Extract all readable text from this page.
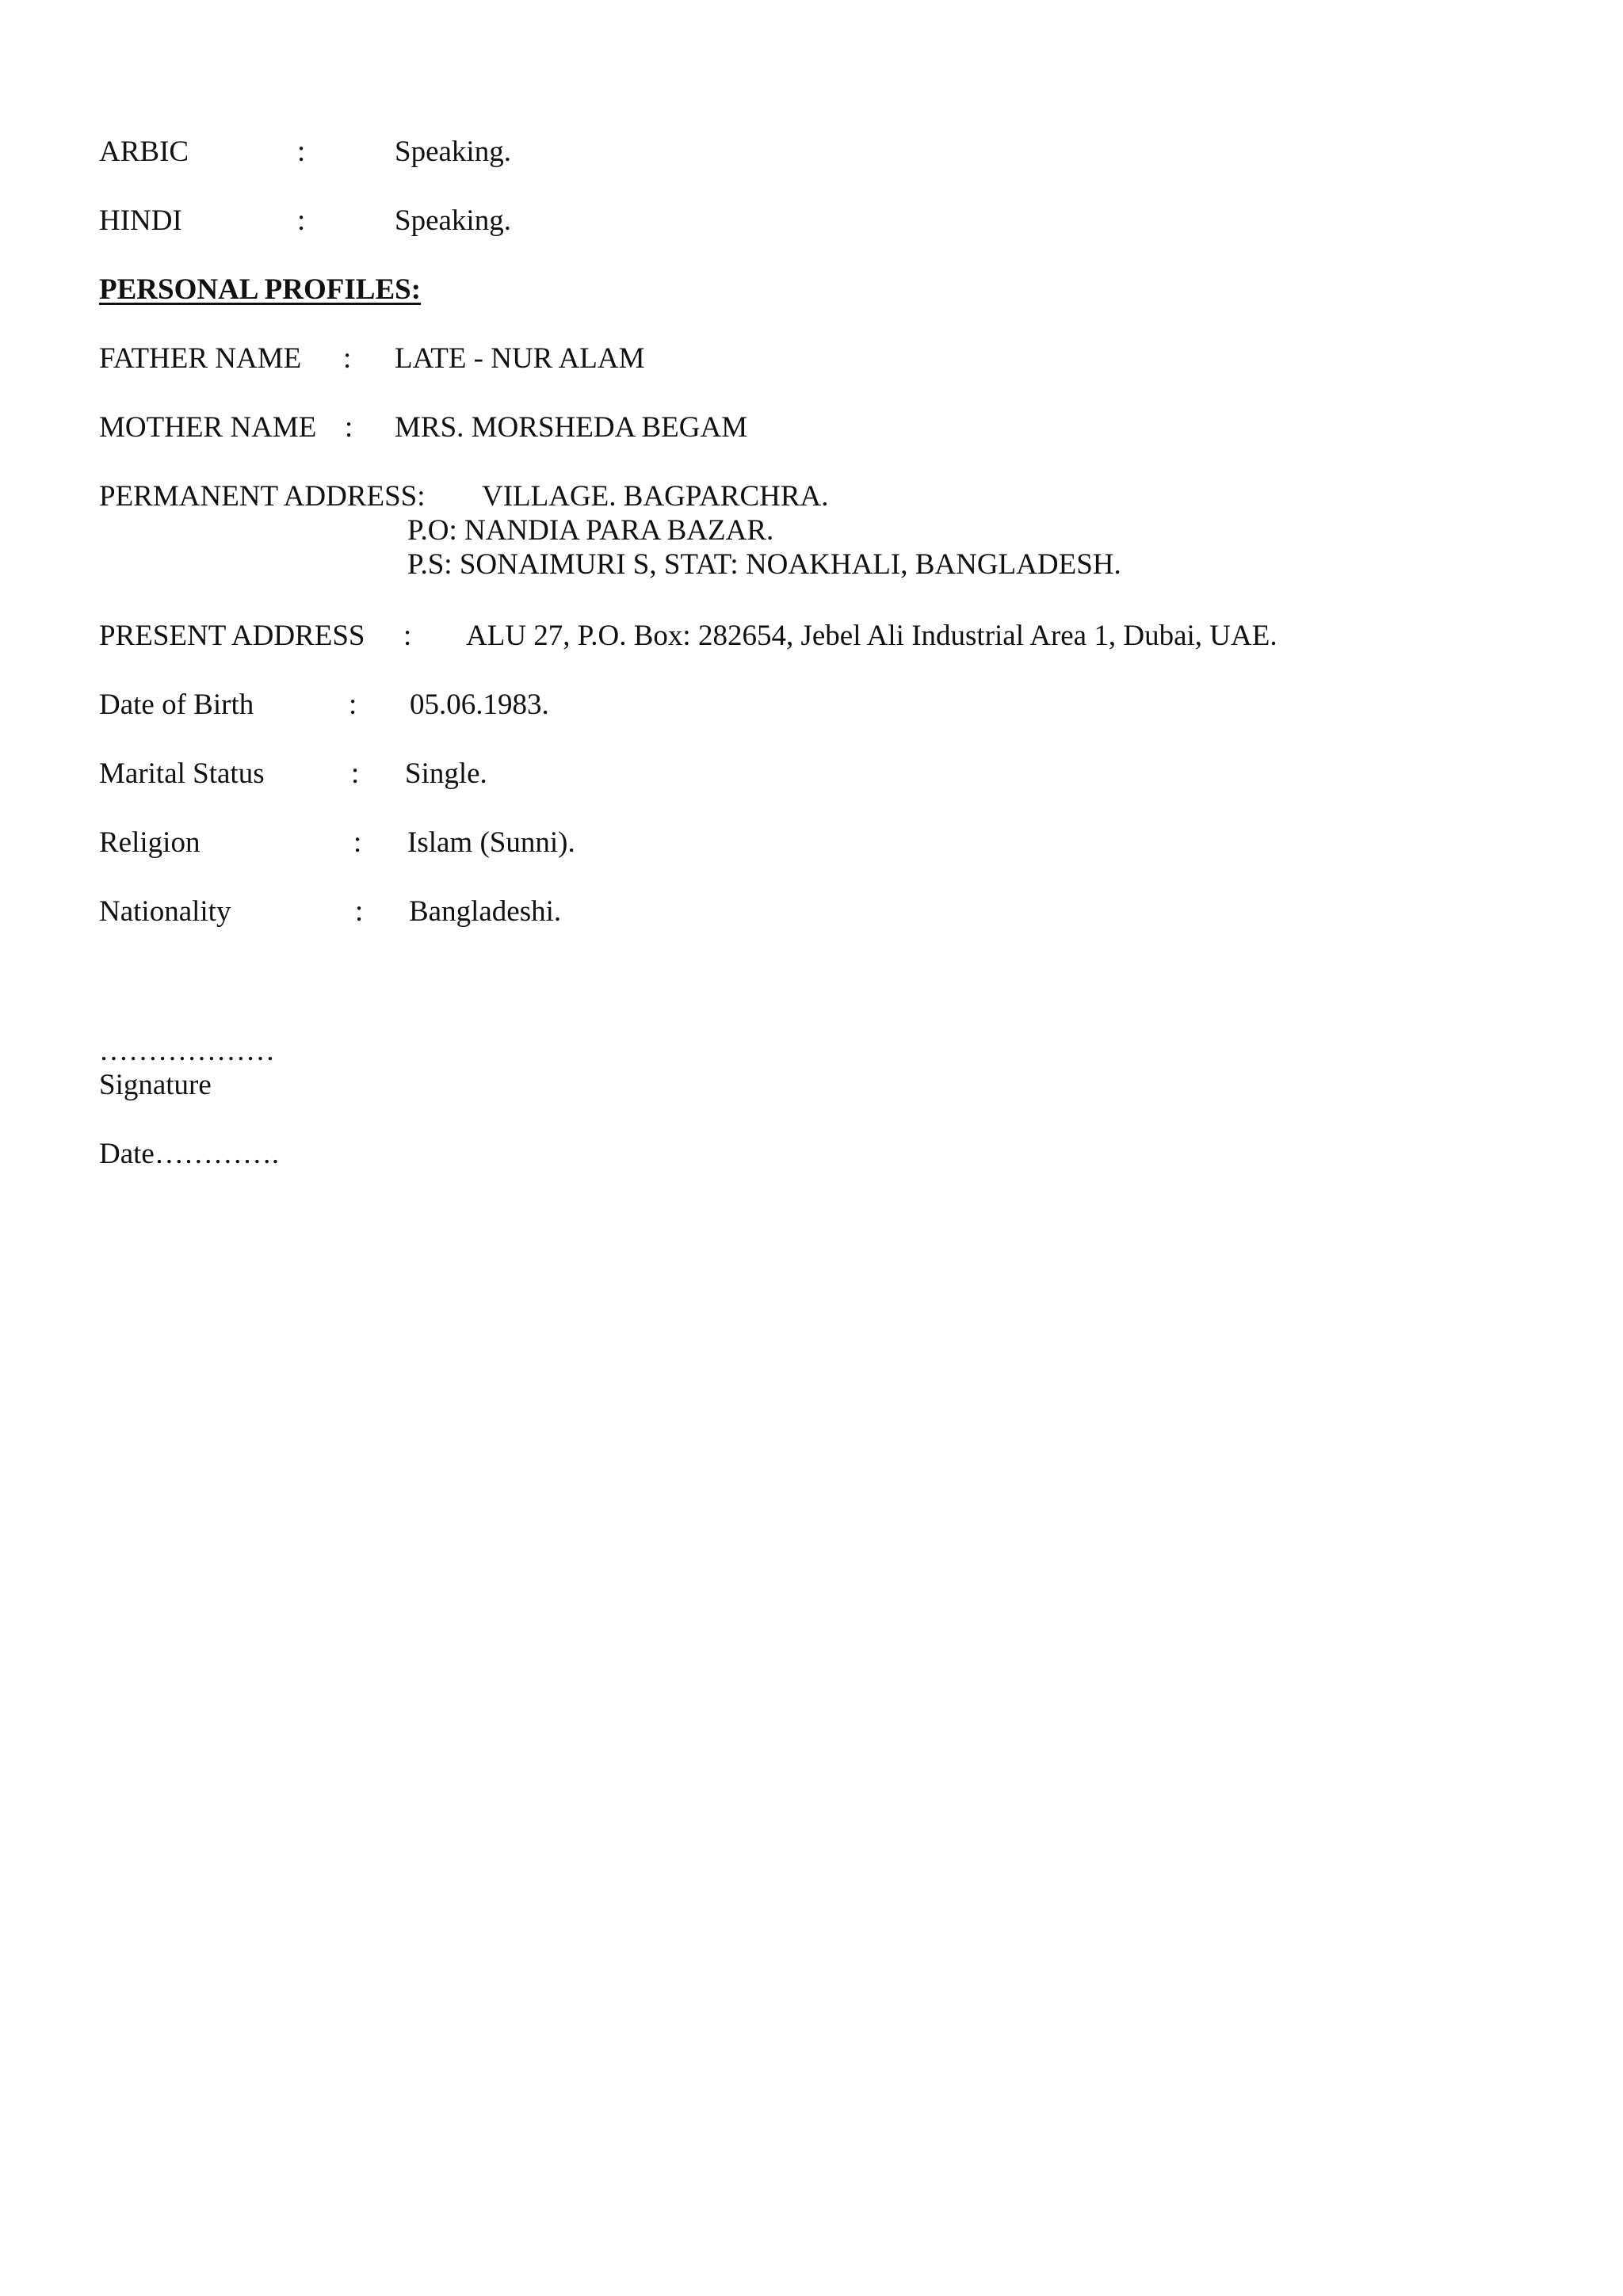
ARBIC	:	Speaking.
HINDI	:	Speaking.
PERSONAL PROFILES:
FATHER NAME : LATE - NUR ALAM
MOTHER NAME : MRS. MORSHEDA BEGAM
PERMANENT ADDRESS: VILLAGE. BAGPARCHRA.
P.O: NANDIA PARA BAZAR.
P.S: SONAIMURI S, STAT: NOAKHALI, BANGLADESH.
PRESENT ADDRESS : ALU 27, P.O. Box: 282654, Jebel Ali Industrial Area 1, Dubai, UAE.
Date of Birth	: 05.06.1983.
Marital Status	: Single.
Religion	: Islam (Sunni).
Nationality	: Bangladeshi.
………………
Signature
Date………….
